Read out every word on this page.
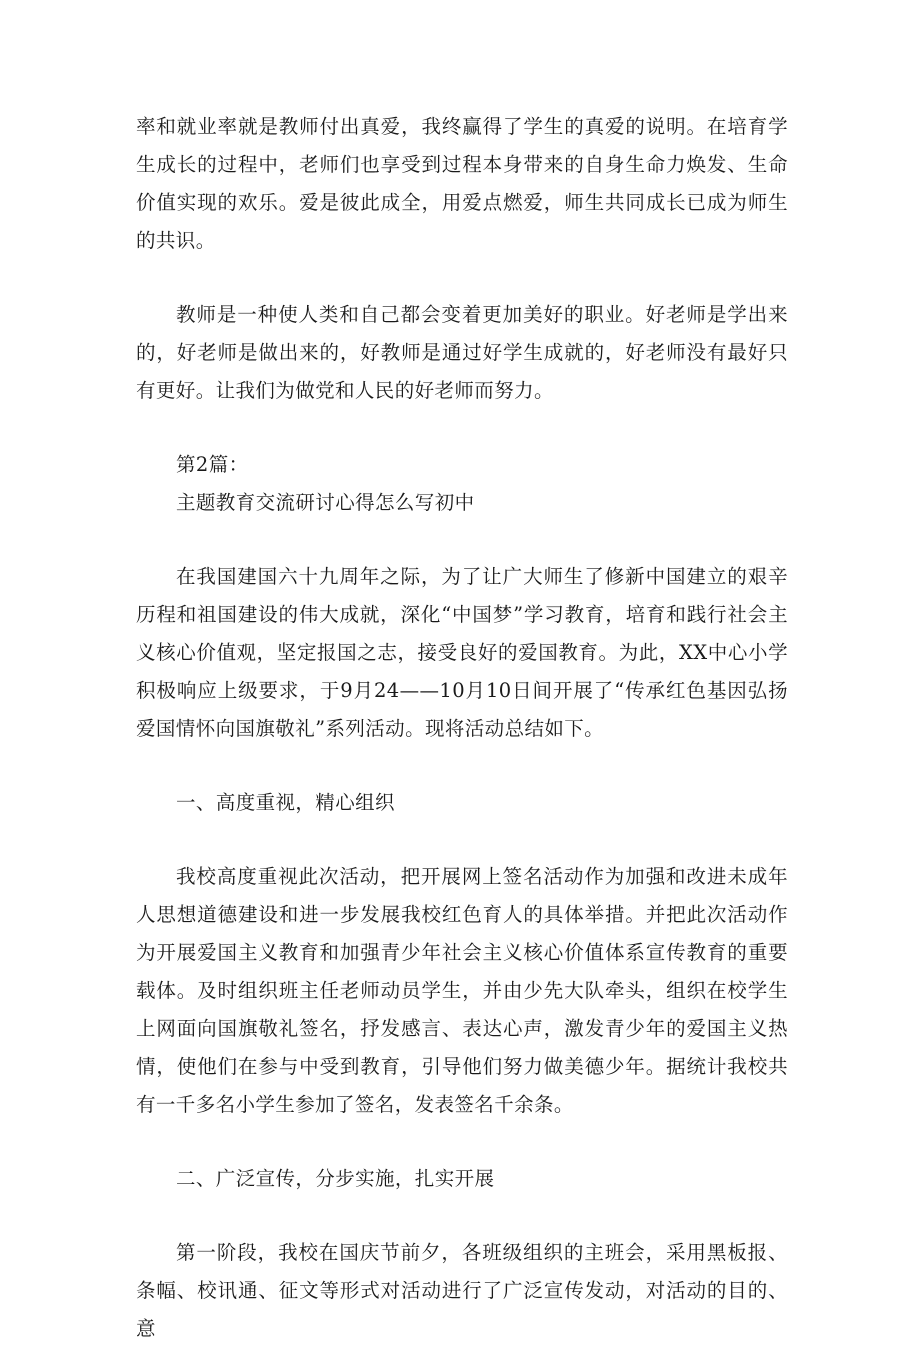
率和就业率就是教师付出真爱，我终赢得了学生的真爱的说明。在培育学生成长的过程中，老师们也享受到过程本身带来的自身生命力焕发、生命价值实现的欢乐。爱是彼此成全，用爱点燃爱，师生共同成长已成为师生的共识。

教师是一种使人类和自己都会变着更加美好的职业。好老师是学出来的，好老师是做出来的，好教师是通过好学生成就的，好老师没有最好只有更好。让我们为做党和人民的好老师而努力。

第2篇：

主题教育交流研讨心得怎么写初中

在我国建国六十九周年之际，为了让广大师生了修新中国建立的艰辛历程和祖国建设的伟大成就，深化“中国梦”学习教育，培育和践行社会主义核心价值观，坚定报国之志，接受良好的爱国教育。为此，XX中心小学积极响应上级要求，于9月24——10月10日间开展了“传承红色基因弘扬爱国情怀向国旗敬礼”系列活动。现将活动总结如下。

一、高度重视，精心组织

我校高度重视此次活动，把开展网上签名活动作为加强和改进未成年人思想道德建设和进一步发展我校红色育人的具体举措。并把此次活动作为开展爱国主义教育和加强青少年社会主义核心价值体系宣传教育的重要载体。及时组织班主任老师动员学生，并由少先大队牵头，组织在校学生上网面向国旗敬礼签名，抒发感言、表达心声，激发青少年的爱国主义热情，使他们在参与中受到教育，引导他们努力做美德少年。据统计我校共有一千多名小学生参加了签名，发表签名千余条。

二、广泛宣传，分步实施，扎实开展

第一阶段，我校在国庆节前夕，各班级组织的主班会，采用黑板报、条幅、校讯通、征文等形式对活动进行了广泛宣传发动，对活动的目的、意
